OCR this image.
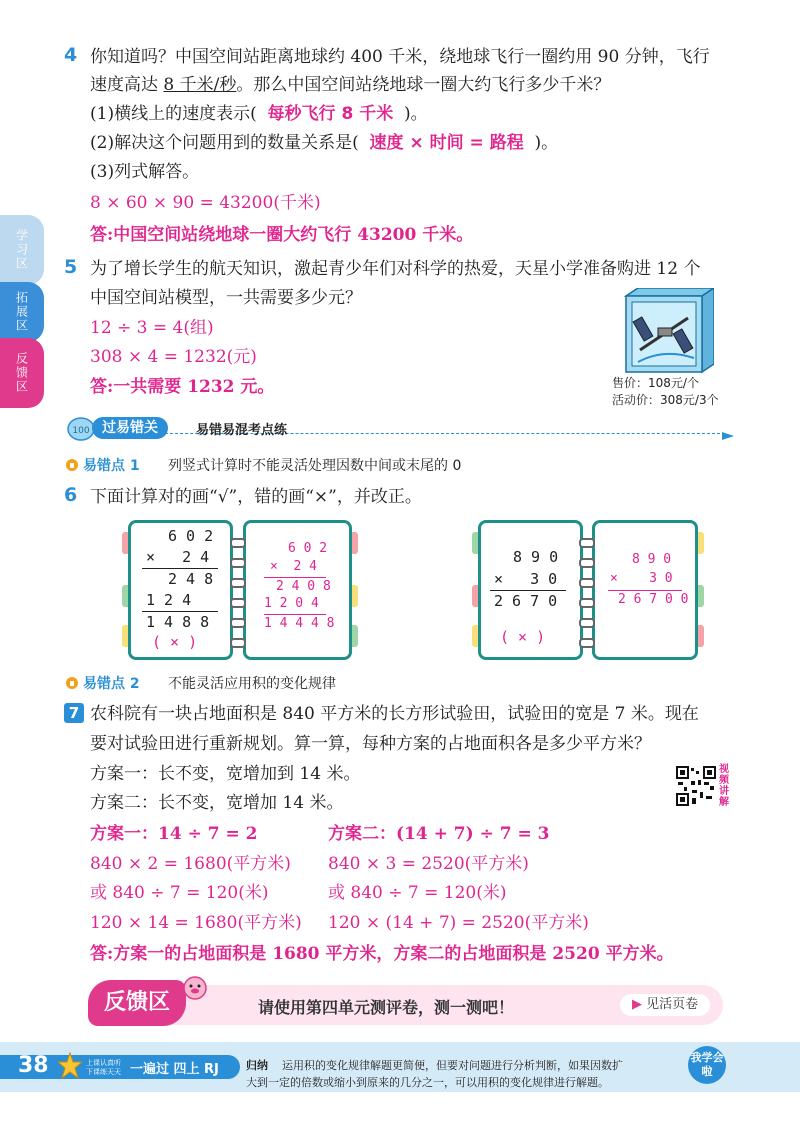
学习区
拓展区
反馈区
4 你知道吗？中国空间站距离地球约 400 千米，绕地球飞行一圈约用 90 分钟，飞行
速度高达 8 千米/秒。那么中国空间站绕地球一圈大约飞行多少千米？
(1)横线上的速度表示( 每秒飞行 8 千米 )。
(2)解决这个问题用到的数量关系是( 速度 × 时间 = 路程 )。
(3)列式解答。
8 × 60 × 90 = 43200(千米)
答:中国空间站绕地球一圈大约飞行 43200 千米。
5 为了增长学生的航天知识，激起青少年们对科学的热爱，天星小学准备购进 12 个
中国空间站模型，一共需要多少元？
12 ÷ 3 = 4(组)
308 × 4 = 1232(元)
答:一共需要 1232 元。	售价：108元/个
活动价：308元/3个
100 过易错关	易错易混考点练
易错点 1 列竖式计算时不能灵活处理因数中间或末尾的 0
6 下面计算对的画“√”，错的画“×”，并改正。
6 0 2
×   2 4
2 4 8
1 2 4
1 4 8 8
( × )
6 0 2
×  2 4
2 4 0 8
1 2 0 4
1 4 4 4 8
8 9 0
×   3 0
2 6 7 0
( × )
8 9 0
×    3 0
2 6 7 0 0
易错点 2 不能灵活应用积的变化规律
7 农科院有一块占地面积是 840 平方米的长方形试验田，试验田的宽是 7 米。现在
要对试验田进行重新规划。算一算，每种方案的占地面积各是多少平方米？
方案一：长不变，宽增加到 14 米。
方案二：长不变，宽增加 14 米。
视频讲解
方案一：14 ÷ 7 = 2
840 × 2 = 1680(平方米)
或 840 ÷ 7 = 120(米)
120 × 14 = 1680(平方米)
方案二：(14 + 7) ÷ 7 = 3
840 × 3 = 2520(平方米)
或 840 ÷ 7 = 120(米)
120 × (14 + 7) = 2520(平方米)
答:方案一的占地面积是 1680 平方米，方案二的占地面积是 2520 平方米。
反馈区	请使用第四单元测评卷，测一测吧！	▶ 见活页卷
38	上课认真听
下课练天天 一遍过 四上 RJ 归纳 运用积的变化规律解题更简便，但要对问题进行分析判断，如果因数扩
大到一定的倍数或缩小到原来的几分之一，可以用积的变化规律进行解题。
我学会啦
